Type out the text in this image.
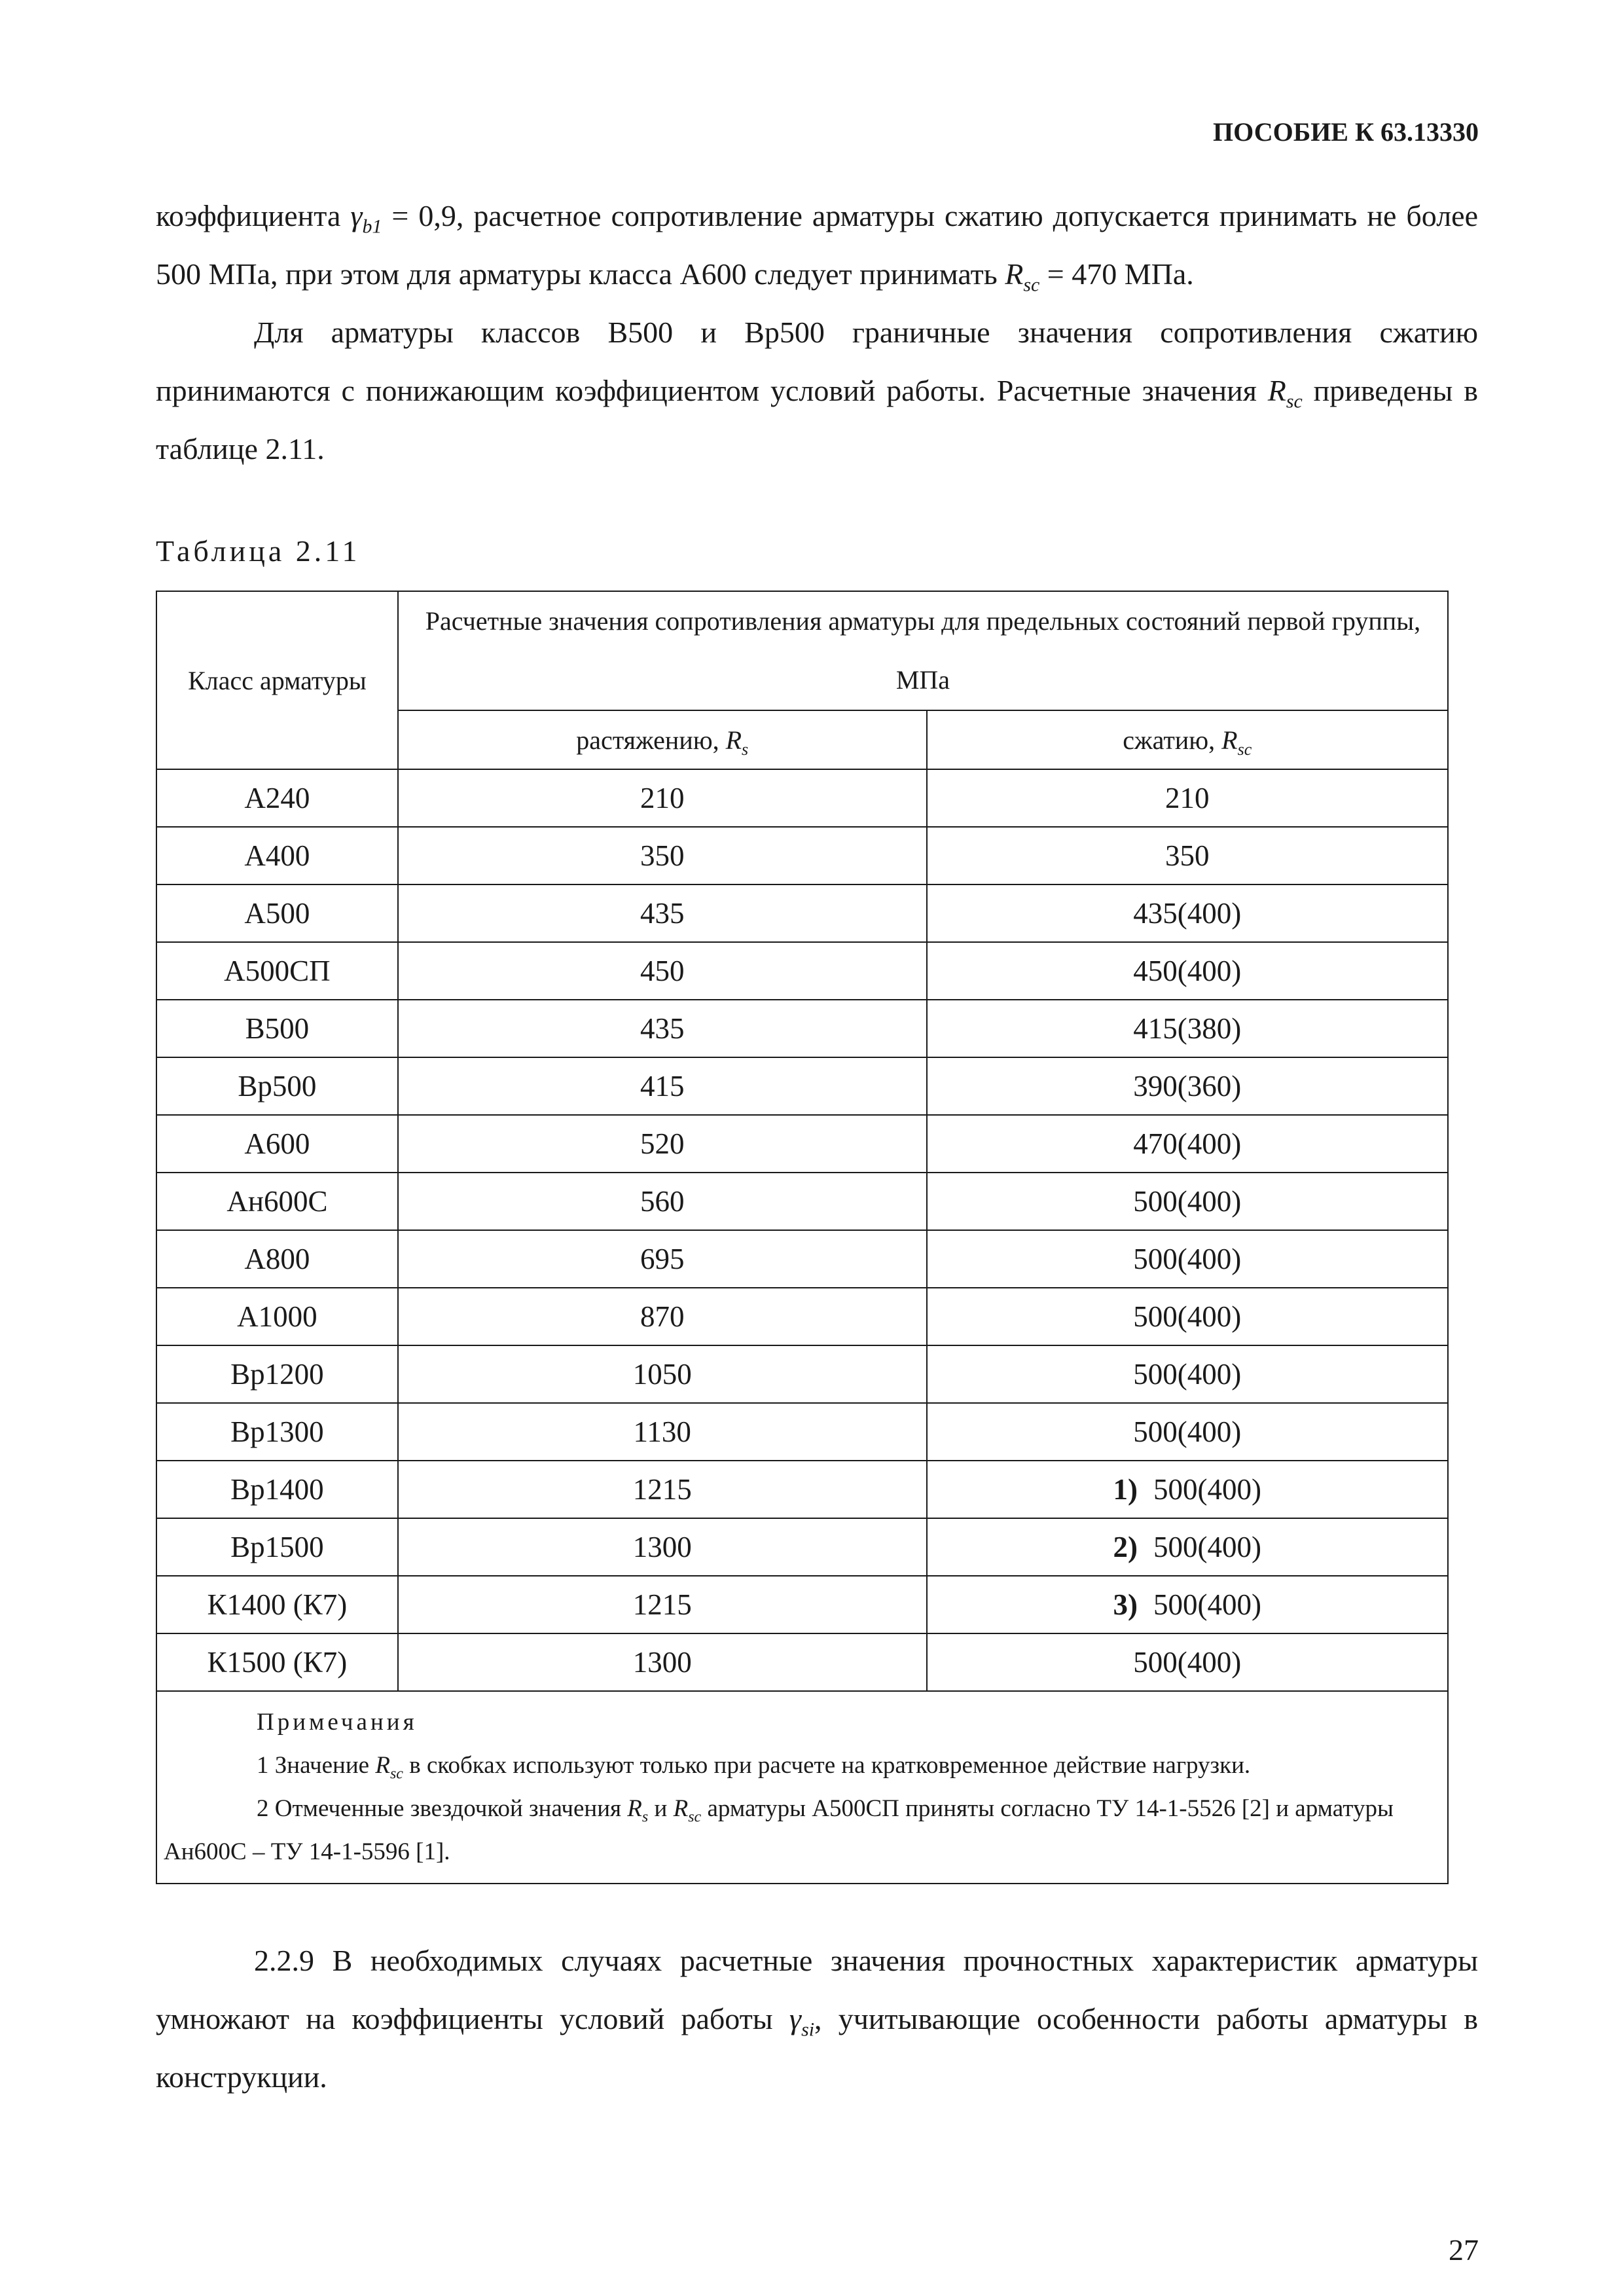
ПОСОБИЕ К 63.13330

коэффициента $\gamma_{b1} = 0,9$, расчетное сопротивление арматуры сжатию допускается принимать не более 500 МПа, при этом для арматуры класса А600 следует принимать $R_{sc} = 470$ МПа.

Для арматуры классов В500 и Вр500 граничные значения сопротивления сжатию принимаются с понижающим коэффициентом условий работы. Расчетные значения $R_{sc}$ приведены в таблице 2.11.

Таблица 2.11
Класс арматуры	Расчетные значения сопротивления арматуры для предельных состояний первой группы, МПа	
	растяжению, $R_s$	сжатию, $R_{sc}$
А240	210	210
А400	350	350
А500	435	435(400)
А500СП	450	450(400)
В500	435	415(380)
Вр500	415	390(360)
А600	520	470(400)
Ан600С	560	500(400)
А800	695	500(400)
А1000	870	500(400)
Вр1200	1050	500(400)
Вр1300	1130	500(400)
Вр1400	1215	1) 500(400)
Вр1500	1300	2) 500(400)
К1400 (К7)	1215	3) 500(400)
К1500 (К7)	1300	500(400)

Примечания
1 Значение $R_{sc}$ в скобках используют только при расчете на кратковременное действие нагрузки.
2 Отмеченные звездочкой значения $R_s$ и $R_{sc}$ арматуры А500СП приняты согласно ТУ 14-1-5526 [2] и арматуры Ан600С – ТУ 14-1-5596 [1].		

2.2.9 В необходимых случаях расчетные значения прочностных характеристик арматуры умножают на коэффициенты условий работы $\gamma_{si}$, учитывающие особенности работы арматуры в конструкции.

27
